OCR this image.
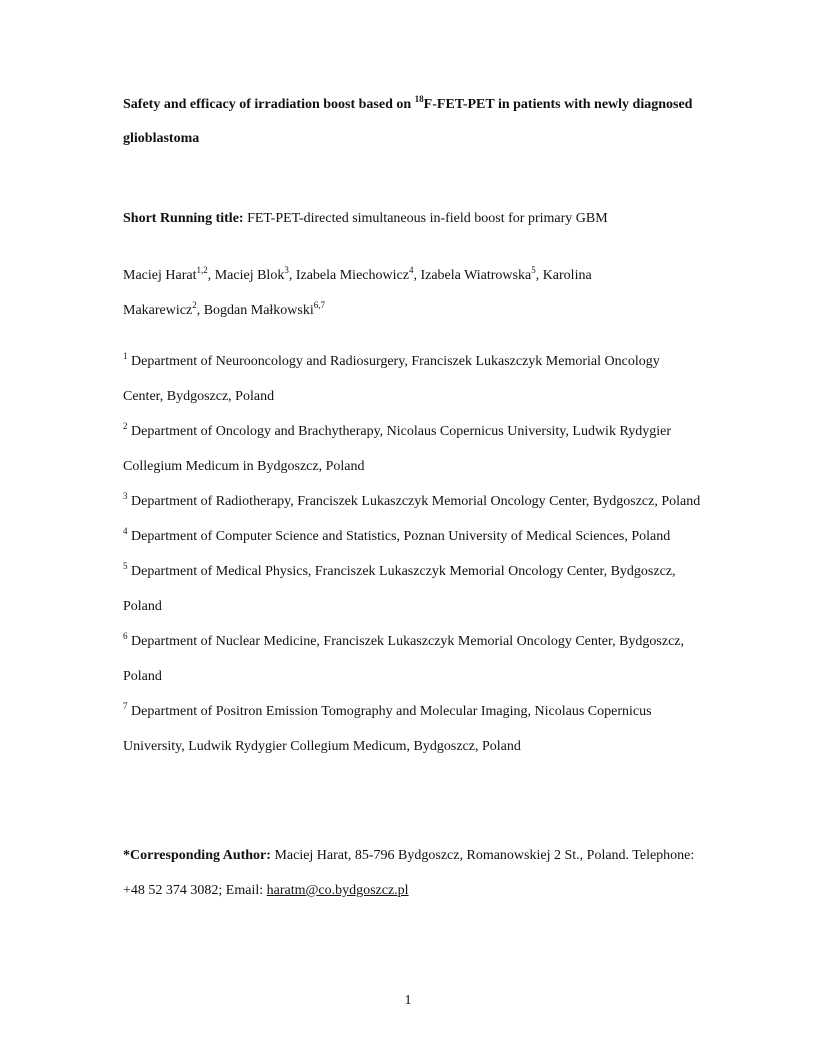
Safety and efficacy of irradiation boost based on $^{18}$F-FET-PET in patients with newly diagnosed glioblastoma
Short Running title: FET-PET-directed simultaneous in-field boost for primary GBM
Maciej Harat$^{1,2}$, Maciej Blok$^3$, Izabela Miechowicz$^4$, Izabela Wiatrowska$^5$, Karolina Makarewicz$^2$, Bogdan Małkowski$^{6,7}$
$^1$ Department of Neurooncology and Radiosurgery, Franciszek Lukaszczyk Memorial Oncology Center, Bydgoszcz, Poland
$^2$ Department of Oncology and Brachytherapy, Nicolaus Copernicus University, Ludwik Rydygier Collegium Medicum in Bydgoszcz, Poland
$^3$ Department of Radiotherapy, Franciszek Lukaszczyk Memorial Oncology Center, Bydgoszcz, Poland
$^4$ Department of Computer Science and Statistics, Poznan University of Medical Sciences, Poland
$^5$ Department of Medical Physics, Franciszek Lukaszczyk Memorial Oncology Center, Bydgoszcz, Poland
$^6$ Department of Nuclear Medicine, Franciszek Lukaszczyk Memorial Oncology Center, Bydgoszcz, Poland
$^7$ Department of Positron Emission Tomography and Molecular Imaging, Nicolaus Copernicus University, Ludwik Rydygier Collegium Medicum, Bydgoszcz, Poland
*Corresponding Author: Maciej Harat, 85-796 Bydgoszcz, Romanowskiej 2 St., Poland. Telephone: +48 52 374 3082; Email: haratm@co.bydgoszcz.pl
1
